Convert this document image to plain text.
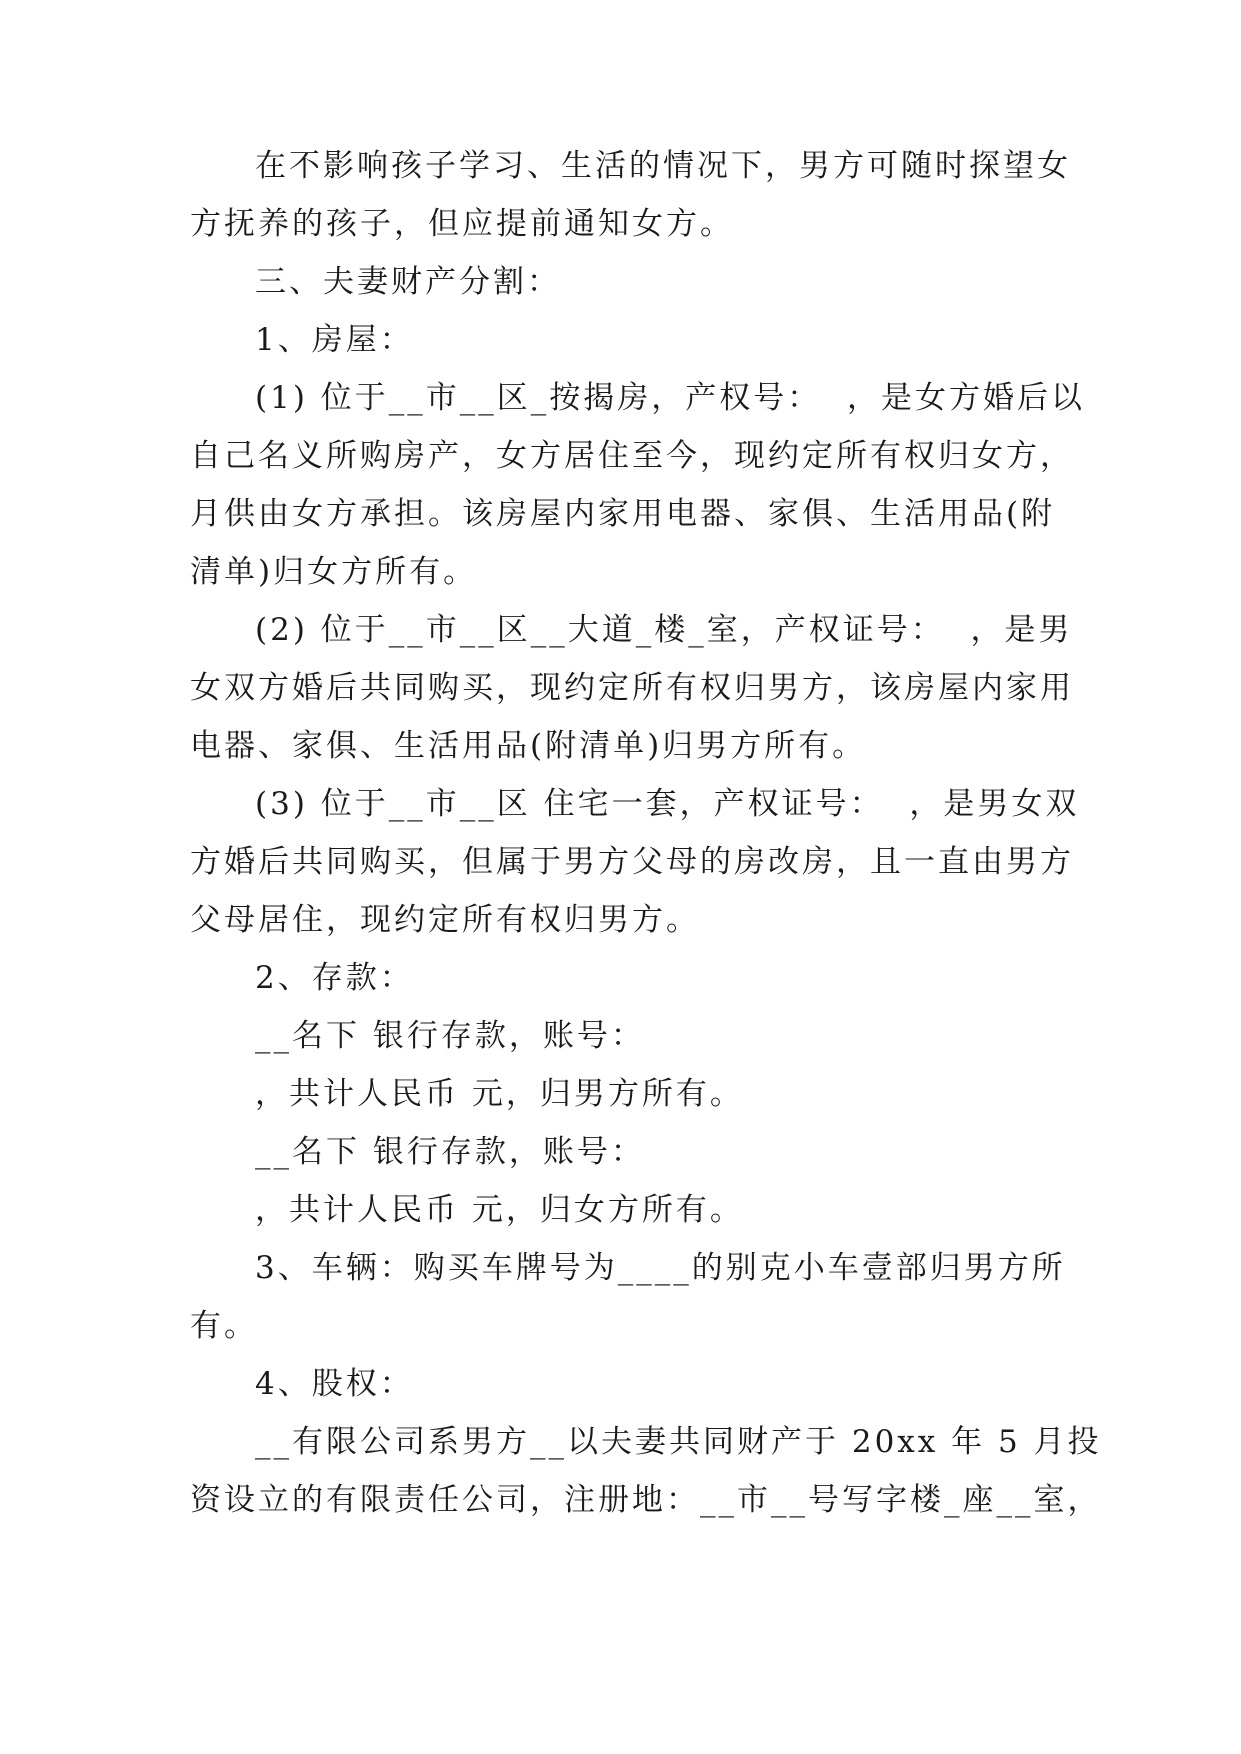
在不影响孩子学习、生活的情况下，男方可随时探望女
方抚养的孩子，但应提前通知女方。
三、夫妻财产分割：
1、房屋：
(1) 位于__市__区_按揭房，产权号：  ，是女方婚后以
自己名义所购房产，女方居住至今，现约定所有权归女方，
月供由女方承担。该房屋内家用电器、家俱、生活用品(附
清单)归女方所有。
(2) 位于__市__区__大道_楼_室，产权证号：  ，是男
女双方婚后共同购买，现约定所有权归男方，该房屋内家用
电器、家俱、生活用品(附清单)归男方所有。
(3) 位于__市__区 住宅一套，产权证号：  ，是男女双
方婚后共同购买，但属于男方父母的房改房，且一直由男方
父母居住，现约定所有权归男方。
2、存款：
__名下 银行存款，账号：
，共计人民币 元，归男方所有。
__名下 银行存款，账号：
，共计人民币 元，归女方所有。
3、车辆：购买车牌号为____的别克小车壹部归男方所
有。
4、股权：
__有限公司系男方__以夫妻共同财产于 20xx 年 5 月投
资设立的有限责任公司，注册地：__市__号写字楼_座__室，
